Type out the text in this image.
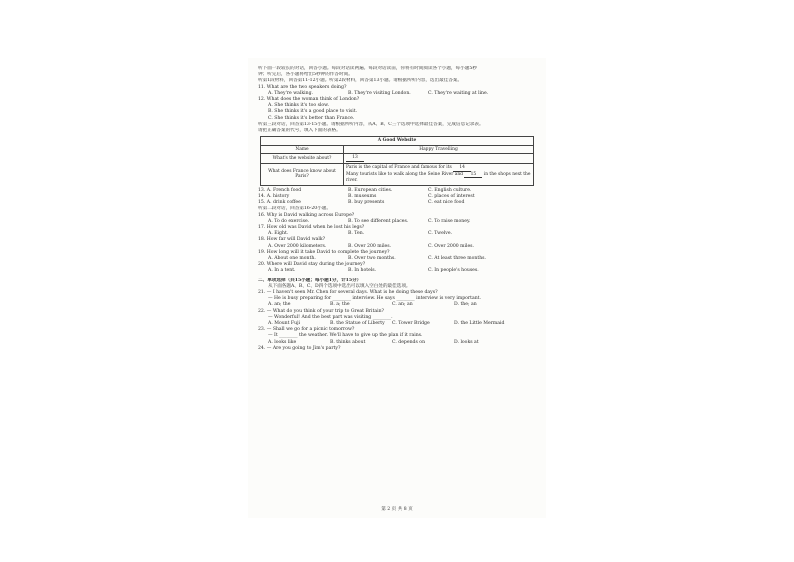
听下面一段较长的对话，回答小题。每段对话读两遍。每段对话读前，你将有时间阅读各个小题，每小题5秒
钟；听完后，各小题将给出5秒钟的作答时间。
听第1段材料，回答第11-12小题。听第2段材料，回答第13小题。请根据所听内容，选出最佳答案。
11. What are the two speakers doing?
A. They're walking.	B. They're visiting London.	C. They're waiting at line.
12. What does the woman think of London?
A. She thinks it's too slow.
B. She thinks it's a good place to visit.
C. She thinks it's better than France.
听第三段对话，回答第13-15小题。请根据所听内容，从A、B、C三个选项中选择最佳答案，完成信息记录表。
请把正确答案的代号，填入下面的表格。
A Good Website	
Name	Happy Travelling
What's the website about?	13
What does France know about Paris?	Paris is the capital of France and famous for its 14
Many tourists like to walk along the Seine River and 15 in the shops next the river.
13. A. French food	B. European cities.	C. English culture.
14. A. history	B. museums	C. places of interest
15. A. drink coffee	B. buy presents	C. eat nice food
听第二段对话，回答第16-20小题。
16. Why is David walking across Europe?
A. To do exercise.	B. To see different places.	C. To raise money.
17. How old was David when he lost his legs?
A. Eight.	B. Ten.	C. Twelve.
18. How far will David walk?
A. Over 2000 kilometers.	B. Over 200 miles.	C. Over 2000 miles.
19. How long will it take David to complete the journey?
A. About one month.	B. Over two months.	C. At least three months.
20. Where will David stay during the journey?
A. In a tent.	B. In hotels.	C. In people's houses.
二、单项选择（共15小题；每小题1分，计15分）
从下面各题A、B、C、D四个选项中选出可以填入空白处的最佳选项。
21. — I haven't seen Mr. Chen for several days. What is he doing these days?
— He is busy preparing for ________ interview. He says ________ interview is very important.
A. an; the	B. a; the	C. an; an	D. the; an
22. — What do you think of your trip to Great Britain?
— Wonderful! And the best part was visiting ________.
A. Mount Fuji	B. the Statue of Liberty	C. Tower Bridge	D. the Little Mermaid
23. — Shall we go for a picnic tomorrow?
— It ________ the weather. We'll have to give up the plan if it rains.
A. looks like	B. thinks about	C. depends on	D. looks at
24. — Are you going to Jim's party?
第 2 页 共 8 页
